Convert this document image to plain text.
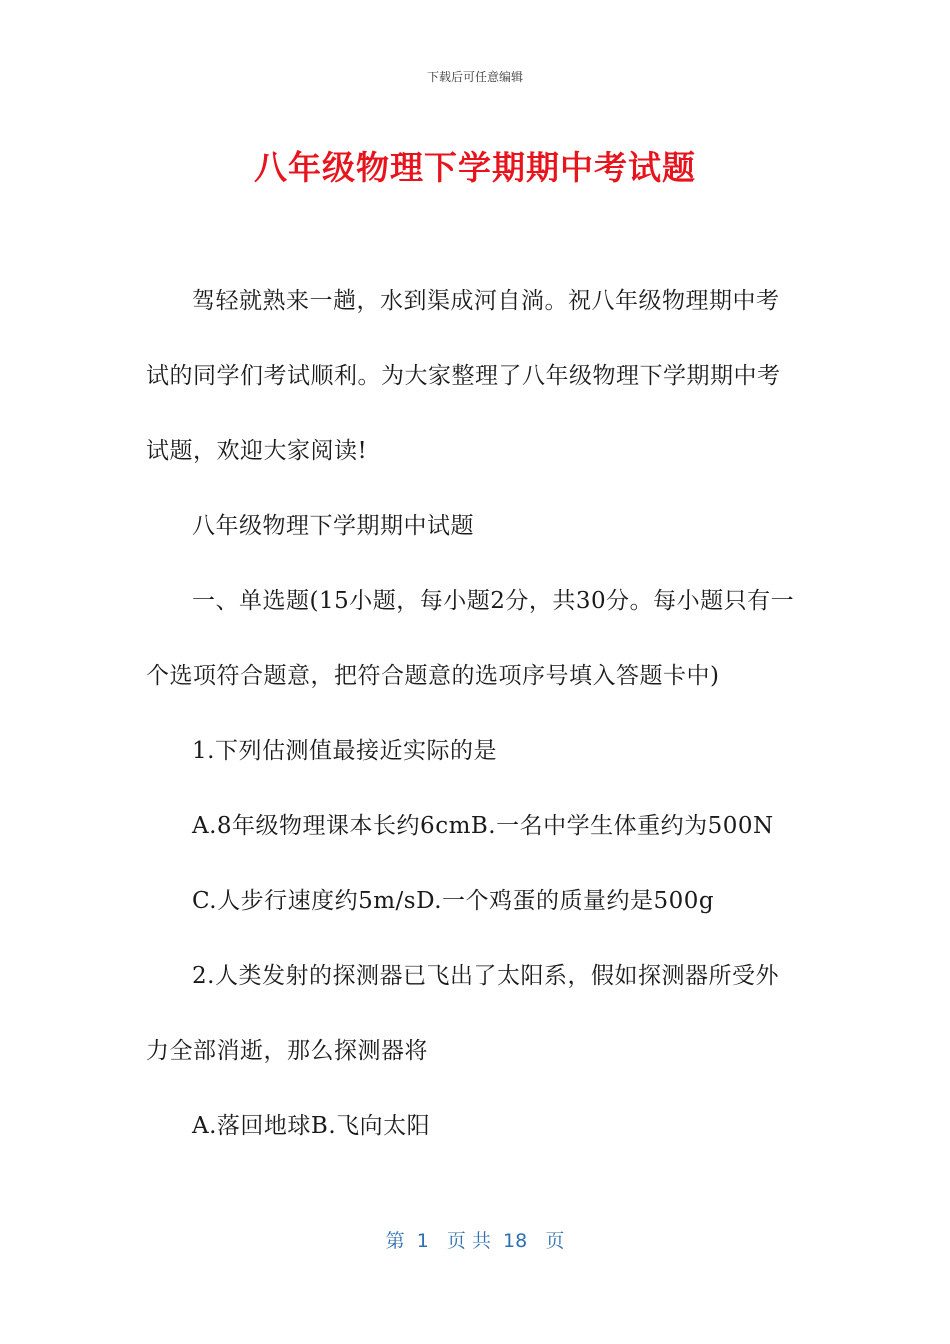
下载后可任意编辑
八年级物理下学期期中考试题

驾轻就熟来一趟，水到渠成河自淌。祝八年级物理期中考试的同学们考试顺利。为大家整理了八年级物理下学期期中考试题，欢迎大家阅读!

八年级物理下学期期中试题

一、单选题(15小题，每小题2分，共30分。每小题只有一个选项符合题意，把符合题意的选项序号填入答题卡中)

1.下列估测值最接近实际的是

A.8年级物理课本长约6cmB.一名中学生体重约为500N

C.人步行速度约5m/sD.一个鸡蛋的质量约是500g

2.人类发射的探测器已飞出了太阳系，假如探测器所受外力全部消逝，那么探测器将

A.落回地球B.飞向太阳

第  1   页 共  18   页
